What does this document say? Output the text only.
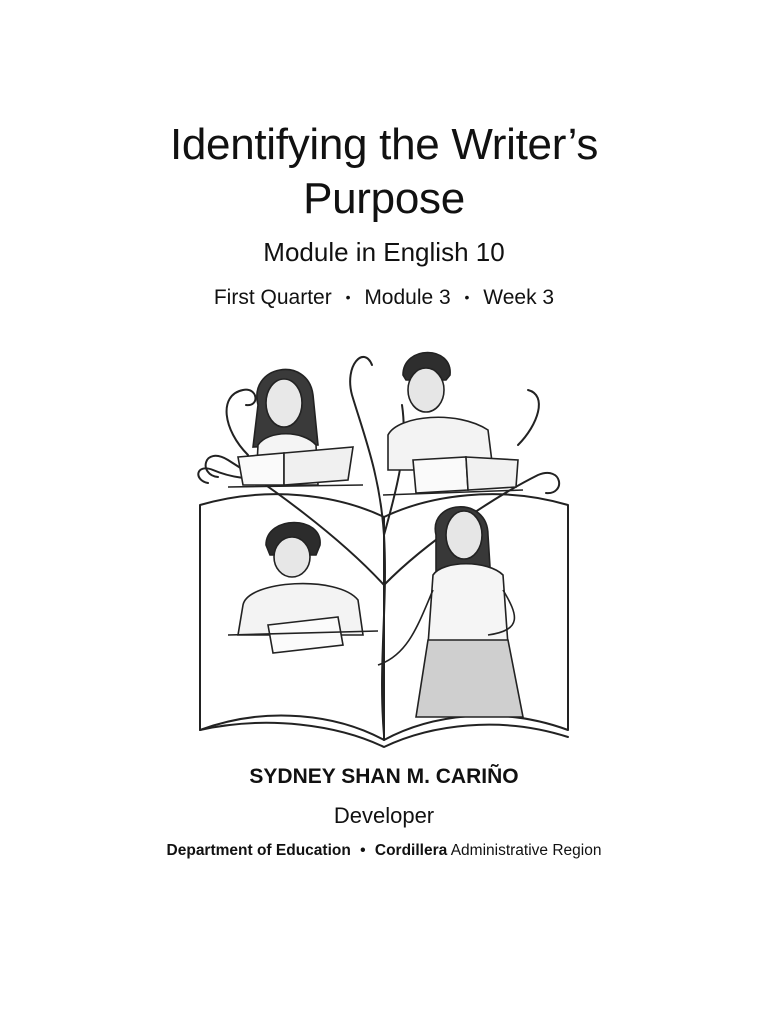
Identifying the Writer’s
Purpose
Module in English 10
First Quarter • Module 3 • Week 3
SYDNEY SHAN M. CARIÑO
Developer
Department of Education • Cordillera Administrative Region
